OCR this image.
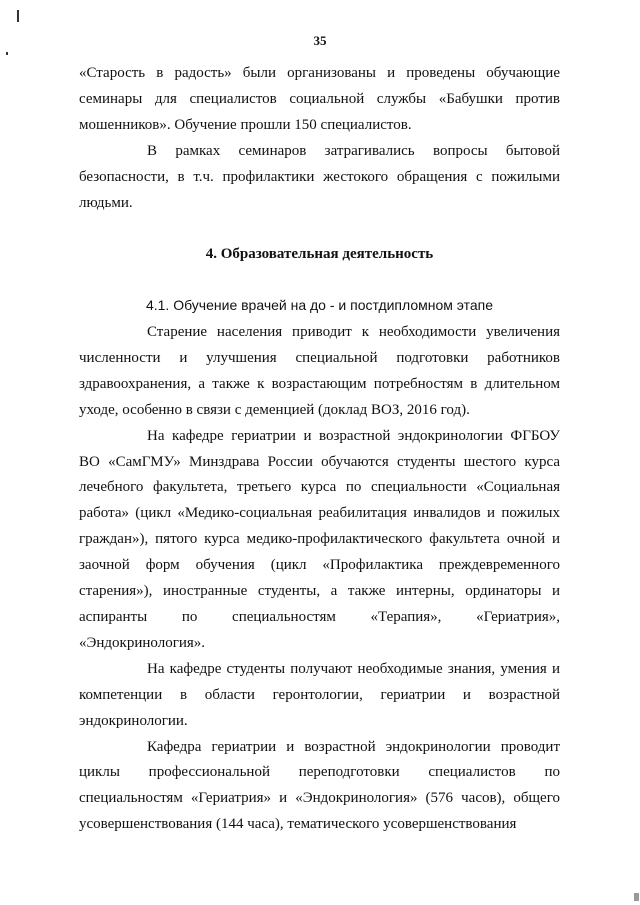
35

«Старость в радость» были организованы и проведены обучающие семинары для специалистов социальной службы «Бабушки против мошенников». Обучение прошли 150 специалистов.

В рамках семинаров затрагивались вопросы бытовой безопасности, в т.ч. профилактики жестокого обращения с пожилыми людьми.

4. Образовательная деятельность
4.1. Обучение врачей на до - и постдипломном этапе

Старение населения приводит к необходимости увеличения численности и улучшения специальной подготовки работников здравоохранения, а также к возрастающим потребностям в длительном уходе, особенно в связи с деменцией (доклад ВОЗ, 2016 год).

На кафедре гериатрии и возрастной эндокринологии ФГБОУ ВО «СамГМУ» Минздрава России обучаются студенты шестого курса лечебного факультета, третьего курса по специальности «Социальная работа» (цикл «Медико-социальная реабилитация инвалидов и пожилых граждан»), пятого курса медико-профилактического факультета очной и заочной форм обучения (цикл «Профилактика преждевременного старения»), иностранные студенты, а также интерны, ординаторы и аспиранты по специальностям «Терапия», «Гериатрия», «Эндокринология».

На кафедре студенты получают необходимые знания, умения и компетенции в области геронтологии, гериатрии и возрастной эндокринологии.

Кафедра гериатрии и возрастной эндокринологии проводит циклы профессиональной переподготовки специалистов по специальностям «Гериатрия» и «Эндокринология» (576 часов), общего усовершенствования (144 часа), тематического усовершенствования
